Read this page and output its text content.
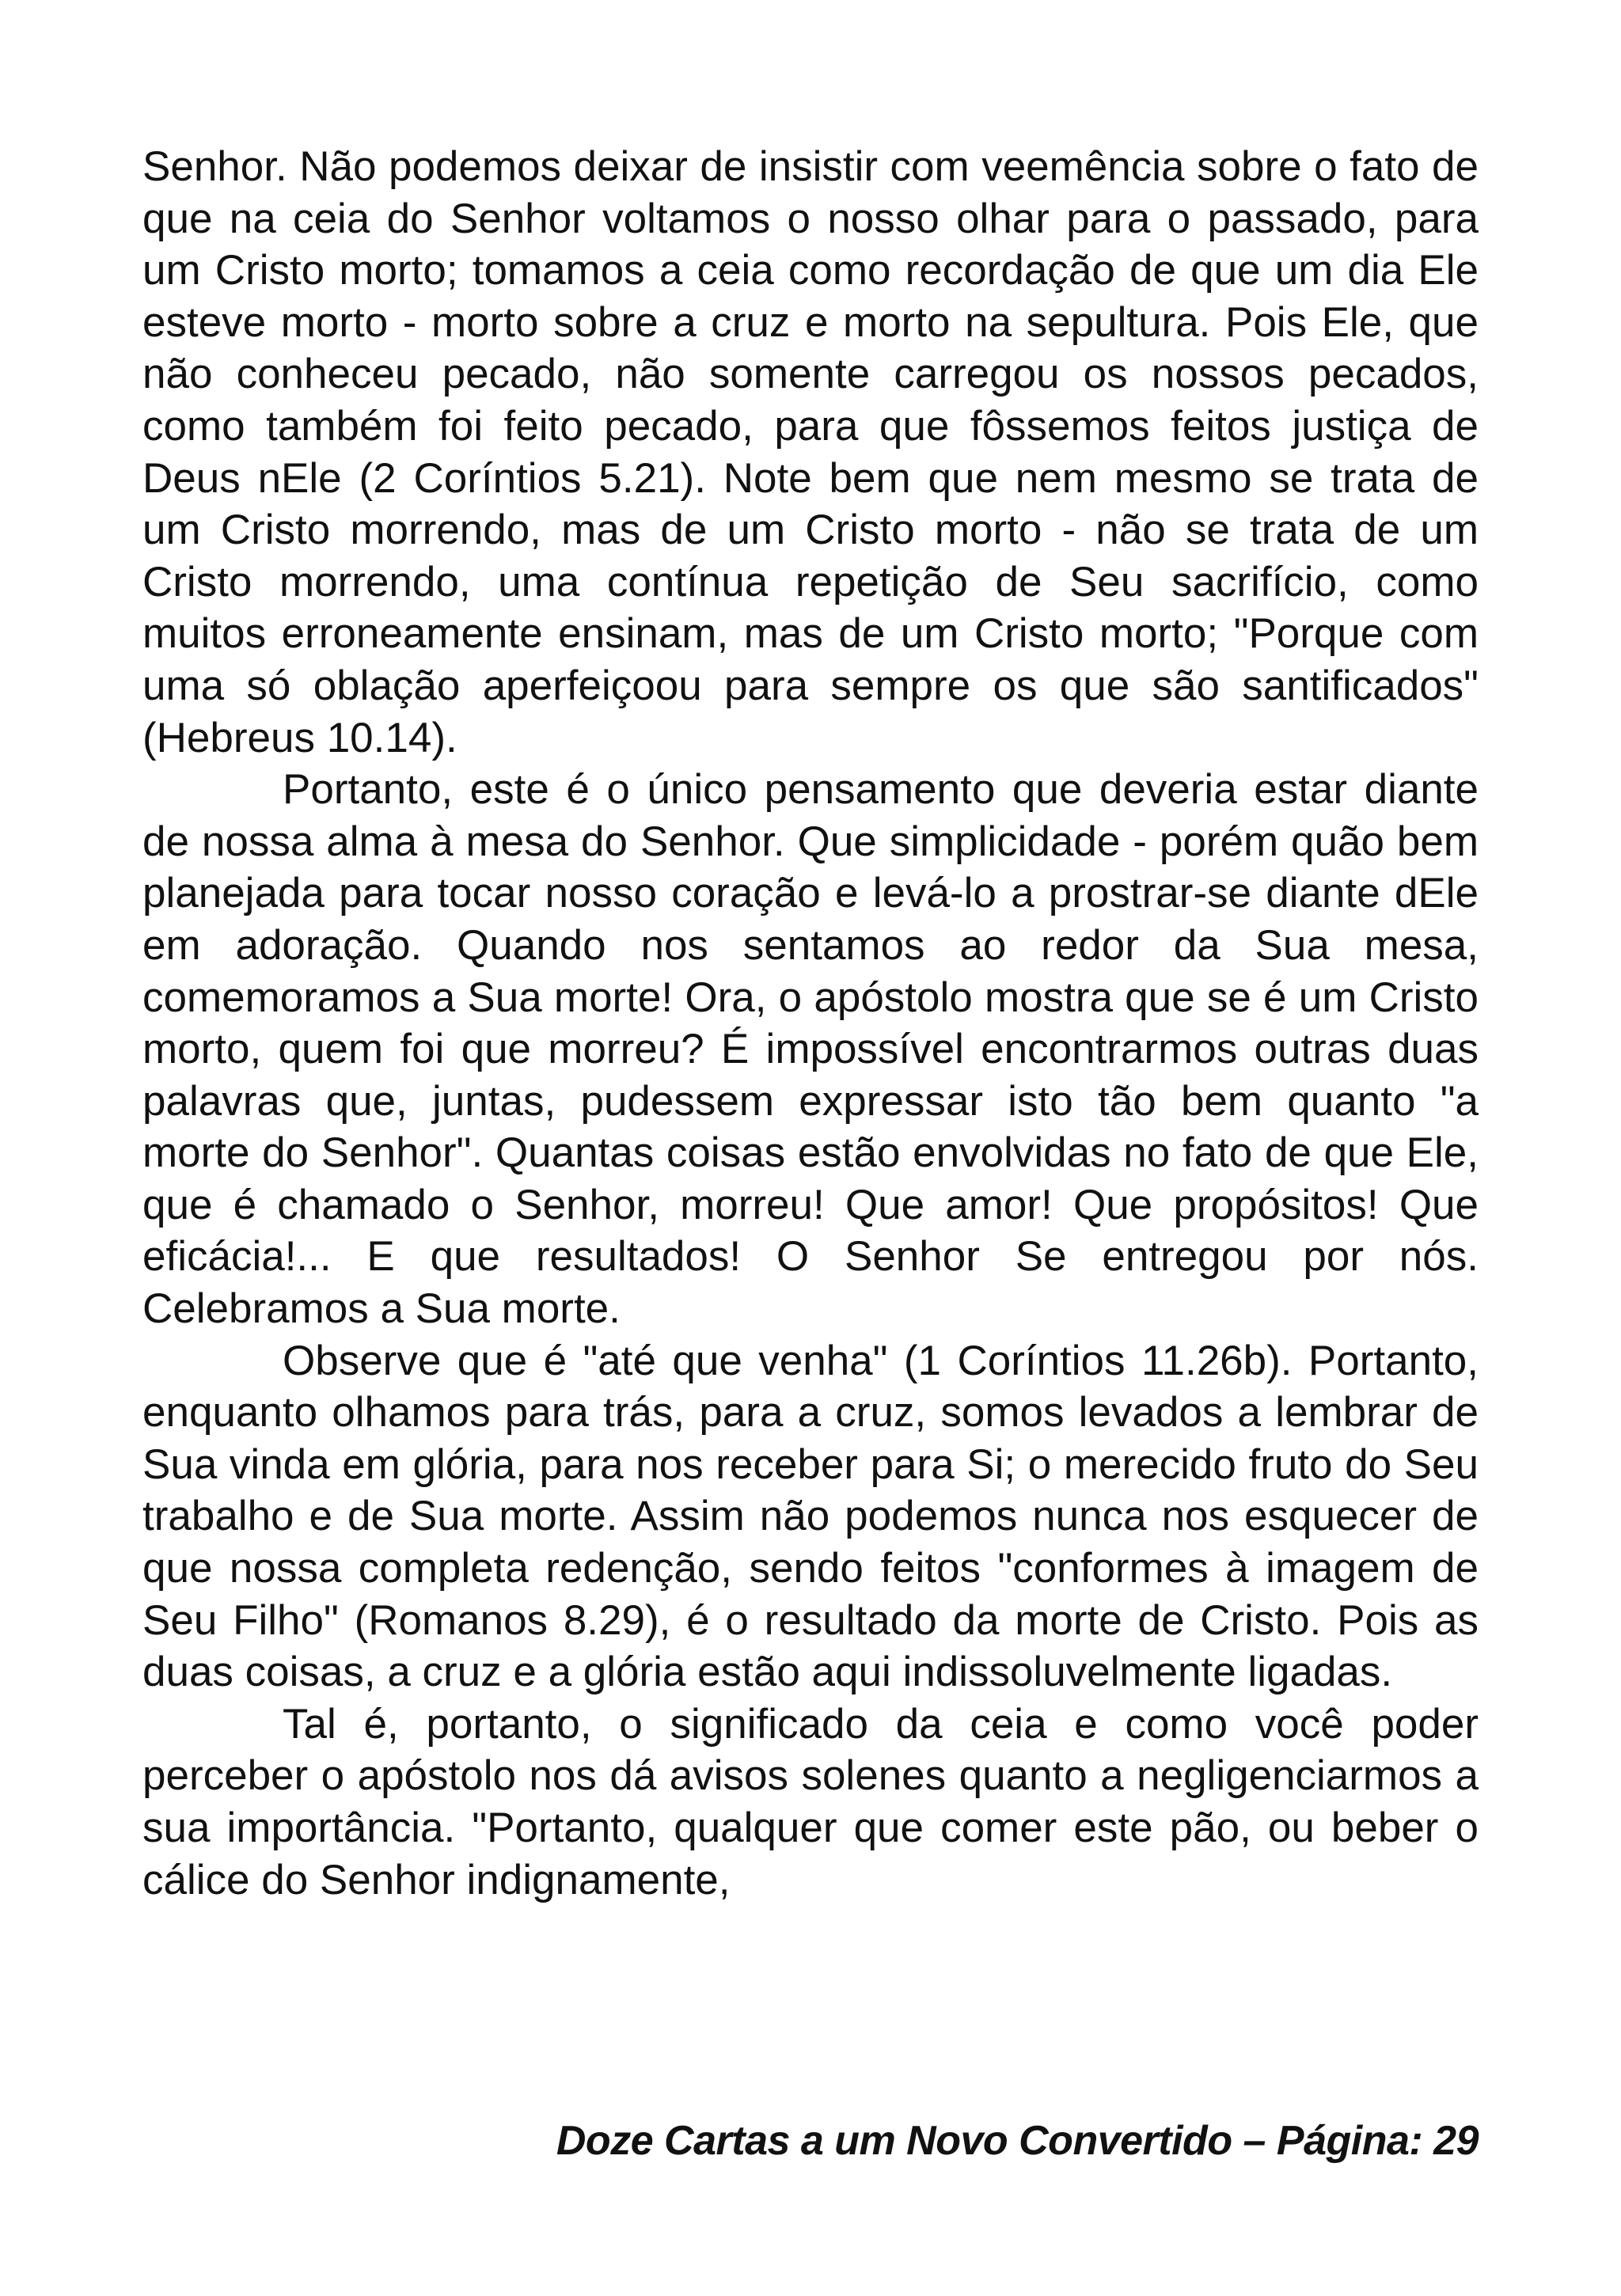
Senhor. Não podemos deixar de insistir com veemência sobre o fato de que na ceia do Senhor voltamos o nosso olhar para o passado, para um Cristo morto; tomamos a ceia como recordação de que um dia Ele esteve morto - morto sobre a cruz e morto na sepultura. Pois Ele, que não conheceu pecado, não somente carregou os nossos pecados, como também foi feito pecado, para que fôssemos feitos justiça de Deus nEle (2 Coríntios 5.21). Note bem que nem mesmo se trata de um Cristo morrendo, mas de um Cristo morto - não se trata de um Cristo morrendo, uma contínua repetição de Seu sacrifício, como muitos erroneamente ensinam, mas de um Cristo morto; "Porque com uma só oblação aperfeiçoou para sempre os que são santificados" (Hebreus 10.14).

Portanto, este é o único pensamento que deveria estar diante de nossa alma à mesa do Senhor. Que simplicidade - porém quão bem planejada para tocar nosso coração e levá-lo a prostrar-se diante dEle em adoração. Quando nos sentamos ao redor da Sua mesa, comemoramos a Sua morte! Ora, o apóstolo mostra que se é um Cristo morto, quem foi que morreu? É impossível encontrarmos outras duas palavras que, juntas, pudessem expressar isto tão bem quanto "a morte do Senhor". Quantas coisas estão envolvidas no fato de que Ele, que é chamado o Senhor, morreu! Que amor! Que propósitos! Que eficácia!... E que resultados! O Senhor Se entregou por nós. Celebramos a Sua morte.

Observe que é "até que venha" (1 Coríntios 11.26b). Portanto, enquanto olhamos para trás, para a cruz, somos levados a lembrar de Sua vinda em glória, para nos receber para Si; o merecido fruto do Seu trabalho e de Sua morte. Assim não podemos nunca nos esquecer de que nossa completa redenção, sendo feitos "conformes à imagem de Seu Filho" (Romanos 8.29), é o resultado da morte de Cristo. Pois as duas coisas, a cruz e a glória estão aqui indissoluvelmente ligadas.

Tal é, portanto, o significado da ceia e como você poder perceber o apóstolo nos dá avisos solenes quanto a negligenciarmos a sua importância. "Portanto, qualquer que comer este pão, ou beber o cálice do Senhor indignamente,

Doze Cartas a um Novo Convertido – Página: 29
